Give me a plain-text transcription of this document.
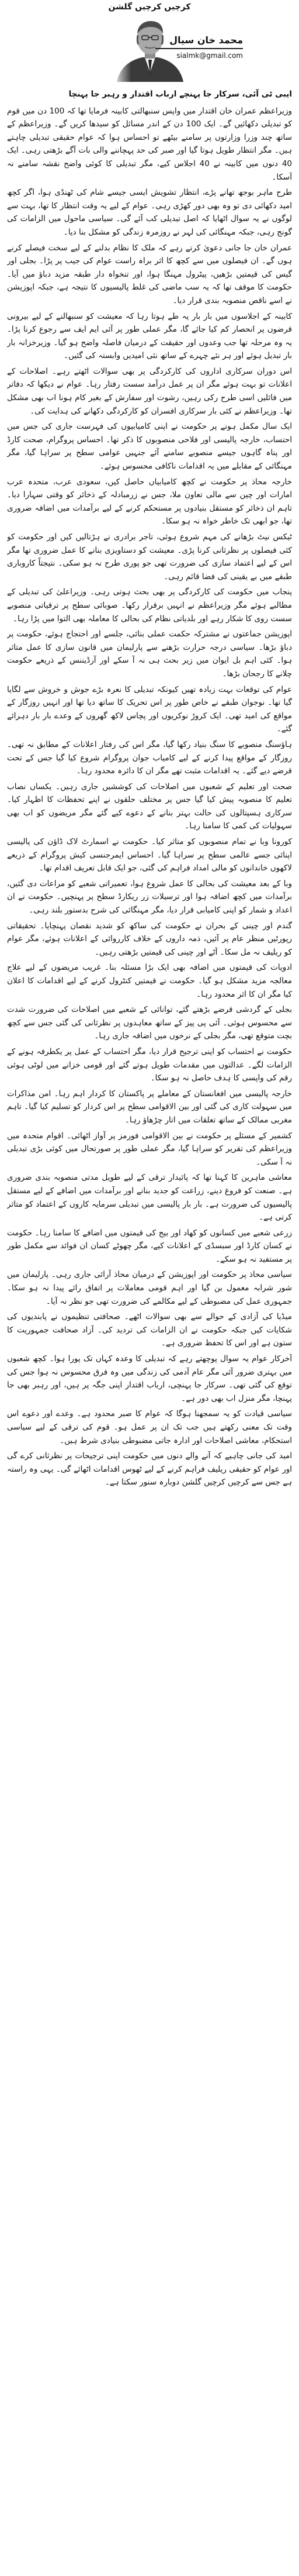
کرچیں کرچیں گلشن
محمد خان سیال
sialmk@gmail.com

ایبی ٹی آئی، سرکار جا پہنچے ارباب اقتدار و رہبر جا پہنچا

وزیراعظم عمران خان اقتدار میں واپس سنبھالتی کابینہ فرمایا تھا کہ 100 دن میں قوم کو تبدیلی دکھائیں گے۔ ایک 100 دن کے اندر مسائل کو سیدھا کریں گے۔ وزیراعظم کے ساتھ چند وزرا وزارتوں پر سامنے بیٹھے تو احساس ہوا کہ عوام حقیقی تبدیلی چاہتے ہیں۔ مگر انتظار طویل ہوتا گیا اور صبر کی حد پہچاننے والی بات آگے بڑھتی رہی۔ ایک 40 دنوں میں کابینہ نے 40 اجلاس کیے، مگر تبدیلی کا کوئی واضح نقشہ سامنے نہ آسکا۔

طرح ماہر بوجھ تھانے پڑے، انتظار تشویش ایسی جیسے شام کی ٹھنڈی ہوا، اگر کچھ امید دکھائی دی تو وہ بھی دور کھڑی رہی۔ عوام کے لیے یہ وقت انتظار کا تھا، بہت سے لوگوں نے یہ سوال اٹھایا کہ اصل تبدیلی کب آئے گی۔ سیاسی ماحول میں الزامات کی گونج رہی، جبکہ مہنگائی کی لہر نے روزمرہ زندگی کو مشکل بنا دیا۔

عمران خان جا جانی دعویٰ کرتے رہے کہ ملک کا نظام بدلنے کے لیے سخت فیصلے کرنے ہوں گے۔ ان فیصلوں میں سے کچھ کا اثر براہ راست عوام کی جیب پر پڑا۔ بجلی اور گیس کی قیمتیں بڑھیں، پیٹرول مہنگا ہوا، اور تنخواہ دار طبقہ مزید دباؤ میں آیا۔ حکومت کا موقف تھا کہ یہ سب ماضی کی غلط پالیسیوں کا نتیجہ ہے، جبکہ اپوزیشن نے اسے ناقص منصوبہ بندی قرار دیا۔

کابینہ کے اجلاسوں میں بار بار یہ طے ہوتا رہا کہ معیشت کو سنبھالنے کے لیے بیرونی قرضوں پر انحصار کم کیا جائے گا، مگر عملی طور پر آئی ایم ایف سے رجوع کرنا پڑا۔ یہ وہ مرحلہ تھا جب وعدوں اور حقیقت کے درمیان فاصلہ واضح ہو گیا۔ وزیرخزانہ بار بار تبدیل ہوئے اور ہر نئے چہرے کے ساتھ نئی امیدیں وابستہ کی گئیں۔

اس دوران سرکاری اداروں کی کارکردگی پر بھی سوالات اٹھتے رہے۔ اصلاحات کے اعلانات تو بہت ہوئے مگر ان پر عمل درآمد سست رفتار رہا۔ عوام نے دیکھا کہ دفاتر میں فائلیں اسی طرح رکی رہیں، رشوت اور سفارش کے بغیر کام ہونا اب بھی مشکل تھا۔ وزیراعظم نے کئی بار سرکاری افسران کو کارکردگی دکھانے کی ہدایت کی۔

ایک سال مکمل ہونے پر حکومت نے اپنی کامیابیوں کی فہرست جاری کی جس میں احتساب، خارجہ پالیسی اور فلاحی منصوبوں کا ذکر تھا۔ احساس پروگرام، صحت کارڈ اور پناہ گاہوں جیسے منصوبے سامنے آئے جنہیں عوامی سطح پر سراہا گیا، مگر مہنگائی کے مقابلے میں یہ اقدامات ناکافی محسوس ہوئے۔

خارجہ محاذ پر حکومت نے کچھ کامیابیاں حاصل کیں، سعودی عرب، متحدہ عرب امارات اور چین سے مالی تعاون ملا، جس نے زرمبادلہ کے ذخائر کو وقتی سہارا دیا۔ تاہم ان ذخائر کو مستقل بنیادوں پر مستحکم کرنے کے لیے برآمدات میں اضافہ ضروری تھا، جو ابھی تک خاطر خواہ نہ ہو سکا۔

ٹیکس نیٹ بڑھانے کی مہم شروع ہوئی، تاجر برادری نے ہڑتالیں کیں اور حکومت کو کئی فیصلوں پر نظرثانی کرنا پڑی۔ معیشت کو دستاویزی بنانے کا عمل ضروری تھا مگر اس کے لیے اعتماد سازی کی ضرورت تھی جو پوری طرح نہ ہو سکی۔ نتیجتاً کاروباری طبقے میں بے یقینی کی فضا قائم رہی۔

پنجاب میں حکومت کی کارکردگی پر بھی بحث ہوتی رہی۔ وزیراعلیٰ کی تبدیلی کے مطالبے ہوئے مگر وزیراعظم نے انہیں برقرار رکھا۔ صوبائی سطح پر ترقیاتی منصوبے سست روی کا شکار رہے اور بلدیاتی نظام کی بحالی کا معاملہ بھی التوا میں پڑا رہا۔

اپوزیشن جماعتوں نے مشترکہ حکمت عملی بنائی، جلسے اور احتجاج ہوئے، حکومت پر دباؤ بڑھا۔ سیاسی درجہ حرارت بڑھنے سے پارلیمان میں قانون سازی کا عمل متاثر ہوا۔ کئی اہم بل ایوان میں زیر بحث ہی نہ آ سکے اور آرڈیننس کے ذریعے حکومت چلانے کا رجحان بڑھا۔

عوام کی توقعات بہت زیادہ تھیں کیونکہ تبدیلی کا نعرہ بڑے جوش و خروش سے لگایا گیا تھا۔ نوجوان طبقے نے خاص طور پر اس تحریک کا ساتھ دیا تھا اور انہیں روزگار کے مواقع کی امید تھی۔ ایک کروڑ نوکریوں اور پچاس لاکھ گھروں کے وعدے بار بار دہرائے گئے۔

ہاؤسنگ منصوبے کا سنگ بنیاد رکھا گیا، مگر اس کی رفتار اعلانات کے مطابق نہ تھی۔ روزگار کے مواقع پیدا کرنے کے لیے کامیاب جوان پروگرام شروع کیا گیا جس کے تحت قرضے دیے گئے۔ یہ اقدامات مثبت تھے مگر ان کا دائرہ محدود رہا۔

صحت اور تعلیم کے شعبوں میں اصلاحات کی کوششیں جاری رہیں۔ یکساں نصاب تعلیم کا منصوبہ پیش کیا گیا جس پر مختلف حلقوں نے اپنے تحفظات کا اظہار کیا۔ سرکاری ہسپتالوں کی حالت بہتر بنانے کے دعوے کیے گئے مگر مریضوں کو اب بھی سہولیات کی کمی کا سامنا رہا۔

کورونا وبا نے تمام منصوبوں کو متاثر کیا۔ حکومت نے اسمارٹ لاک ڈاؤن کی پالیسی اپنائی جسے عالمی سطح پر سراہا گیا۔ احساس ایمرجنسی کیش پروگرام کے ذریعے لاکھوں خاندانوں کو مالی امداد فراہم کی گئی، جو ایک قابل تعریف اقدام تھا۔

وبا کے بعد معیشت کی بحالی کا عمل شروع ہوا، تعمیراتی شعبے کو مراعات دی گئیں، برآمدات میں کچھ اضافہ ہوا اور ترسیلات زر ریکارڈ سطح پر پہنچیں۔ حکومت نے ان اعداد و شمار کو اپنی کامیابی قرار دیا، مگر مہنگائی کی شرح بدستور بلند رہی۔

گندم اور چینی کے بحران نے حکومت کی ساکھ کو شدید نقصان پہنچایا۔ تحقیقاتی رپورٹیں منظر عام پر آئیں، ذمہ داروں کے خلاف کارروائی کے اعلانات ہوئے، مگر عوام کو ریلیف نہ مل سکا۔ آٹے اور چینی کی قیمتیں بڑھتی رہیں۔

ادویات کی قیمتوں میں اضافہ بھی ایک بڑا مسئلہ بنا۔ غریب مریضوں کے لیے علاج معالجہ مزید مشکل ہو گیا۔ حکومت نے قیمتیں کنٹرول کرنے کے لیے اقدامات کا اعلان کیا مگر ان کا اثر محدود رہا۔

بجلی کے گردشی قرضے بڑھتے گئے، توانائی کے شعبے میں اصلاحات کی ضرورت شدت سے محسوس ہوئی۔ آئی پی پیز کے ساتھ معاہدوں پر نظرثانی کی گئی جس سے کچھ بچت متوقع تھی، مگر بجلی کے نرخوں میں اضافہ جاری رہا۔

حکومت نے احتساب کو اپنی ترجیح قرار دیا، مگر احتساب کے عمل پر یکطرفہ ہونے کے الزامات لگے۔ عدالتوں میں مقدمات طویل ہوتے گئے اور قومی خزانے میں لوٹی ہوئی رقم کی واپسی کا ہدف حاصل نہ ہو سکا۔

خارجہ پالیسی میں افغانستان کے معاملے پر پاکستان کا کردار اہم رہا۔ امن مذاکرات میں سہولت کاری کی گئی اور بین الاقوامی سطح پر اس کردار کو تسلیم کیا گیا۔ تاہم مغربی ممالک کے ساتھ تعلقات میں اتار چڑھاؤ رہا۔

کشمیر کے مسئلے پر حکومت نے بین الاقوامی فورمز پر آواز اٹھائی۔ اقوام متحدہ میں وزیراعظم کی تقریر کو سراہا گیا، مگر عملی طور پر صورتحال میں کوئی بڑی تبدیلی نہ آ سکی۔

معاشی ماہرین کا کہنا تھا کہ پائیدار ترقی کے لیے طویل مدتی منصوبہ بندی ضروری ہے۔ صنعت کو فروغ دینے، زراعت کو جدید بنانے اور برآمدات میں اضافے کے لیے مستقل پالیسیوں کی ضرورت ہے۔ بار بار پالیسی میں تبدیلی سرمایہ کاروں کے اعتماد کو متاثر کرتی ہے۔

زرعی شعبے میں کسانوں کو کھاد اور بیج کی قیمتوں میں اضافے کا سامنا رہا۔ حکومت نے کسان کارڈ اور سبسڈی کے اعلانات کیے، مگر چھوٹے کسان ان فوائد سے مکمل طور پر مستفید نہ ہو سکے۔

سیاسی محاذ پر حکومت اور اپوزیشن کے درمیان محاذ آرائی جاری رہی۔ پارلیمان میں شور شرابہ معمول بن گیا اور اہم قومی معاملات پر اتفاق رائے پیدا نہ ہو سکا۔ جمہوری عمل کی مضبوطی کے لیے مکالمے کی ضرورت تھی جو نظر نہ آیا۔

میڈیا کی آزادی کے حوالے سے بھی سوالات اٹھے۔ صحافتی تنظیموں نے پابندیوں کی شکایات کیں جبکہ حکومت نے ان الزامات کی تردید کی۔ آزاد صحافت جمہوریت کا ستون ہے اور اس کا تحفظ ضروری ہے۔

آخرکار عوام یہ سوال پوچھتے رہے کہ تبدیلی کا وعدہ کہاں تک پورا ہوا۔ کچھ شعبوں میں بہتری ضرور آئی مگر عام آدمی کی زندگی میں وہ فرق محسوس نہ ہوا جس کی توقع کی گئی تھی۔ سرکار جا پہنچی، ارباب اقتدار اپنی جگہ پر ہیں، اور رہبر بھی جا پہنچا، مگر منزل اب بھی دور ہے۔

سیاسی قیادت کو یہ سمجھنا ہوگا کہ عوام کا صبر محدود ہے۔ وعدے اور دعوے اس وقت تک معنی رکھتے ہیں جب تک ان پر عمل ہو۔ قوم کی ترقی کے لیے سیاسی استحکام، معاشی اصلاحات اور ادارہ جاتی مضبوطی بنیادی شرط ہیں۔

امید کی جانی چاہیے کہ آنے والے دنوں میں حکومت اپنی ترجیحات پر نظرثانی کرے گی اور عوام کو حقیقی ریلیف فراہم کرنے کے لیے ٹھوس اقدامات اٹھائے گی۔ یہی وہ راستہ ہے جس سے کرچیں کرچیں گلشن دوبارہ سنور سکتا ہے۔
